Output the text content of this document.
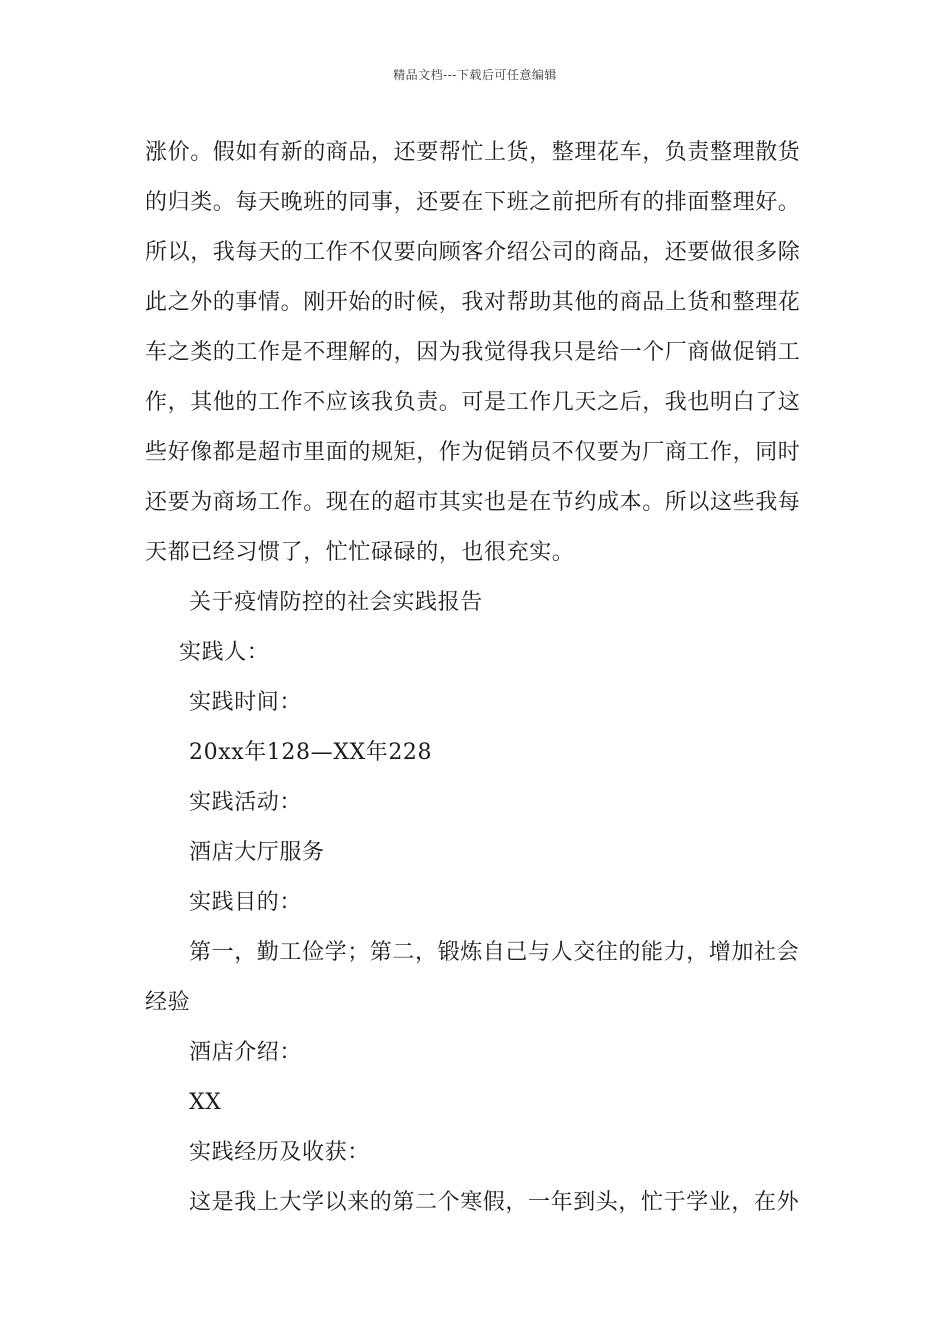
精品文档---下载后可任意编辑
涨价。假如有新的商品，还要帮忙上货，整理花车，负责整理散货
的归类。每天晚班的同事，还要在下班之前把所有的排面整理好。
所以，我每天的工作不仅要向顾客介绍公司的商品，还要做很多除
此之外的事情。刚开始的时候，我对帮助其他的商品上货和整理花
车之类的工作是不理解的，因为我觉得我只是给一个厂商做促销工
作，其他的工作不应该我负责。可是工作几天之后，我也明白了这
些好像都是超市里面的规矩，作为促销员不仅要为厂商工作，同时
还要为商场工作。现在的超市其实也是在节约成本。所以这些我每
天都已经习惯了，忙忙碌碌的，也很充实。
关于疫情防控的社会实践报告
实践人：
实践时间：
20xx年128—XX年228
实践活动：
酒店大厅服务
实践目的：
第一，勤工俭学；第二，锻炼自己与人交往的能力，增加社会
经验
酒店介绍：
XX
实践经历及收获：
这是我上大学以来的第二个寒假，一年到头，忙于学业，在外
